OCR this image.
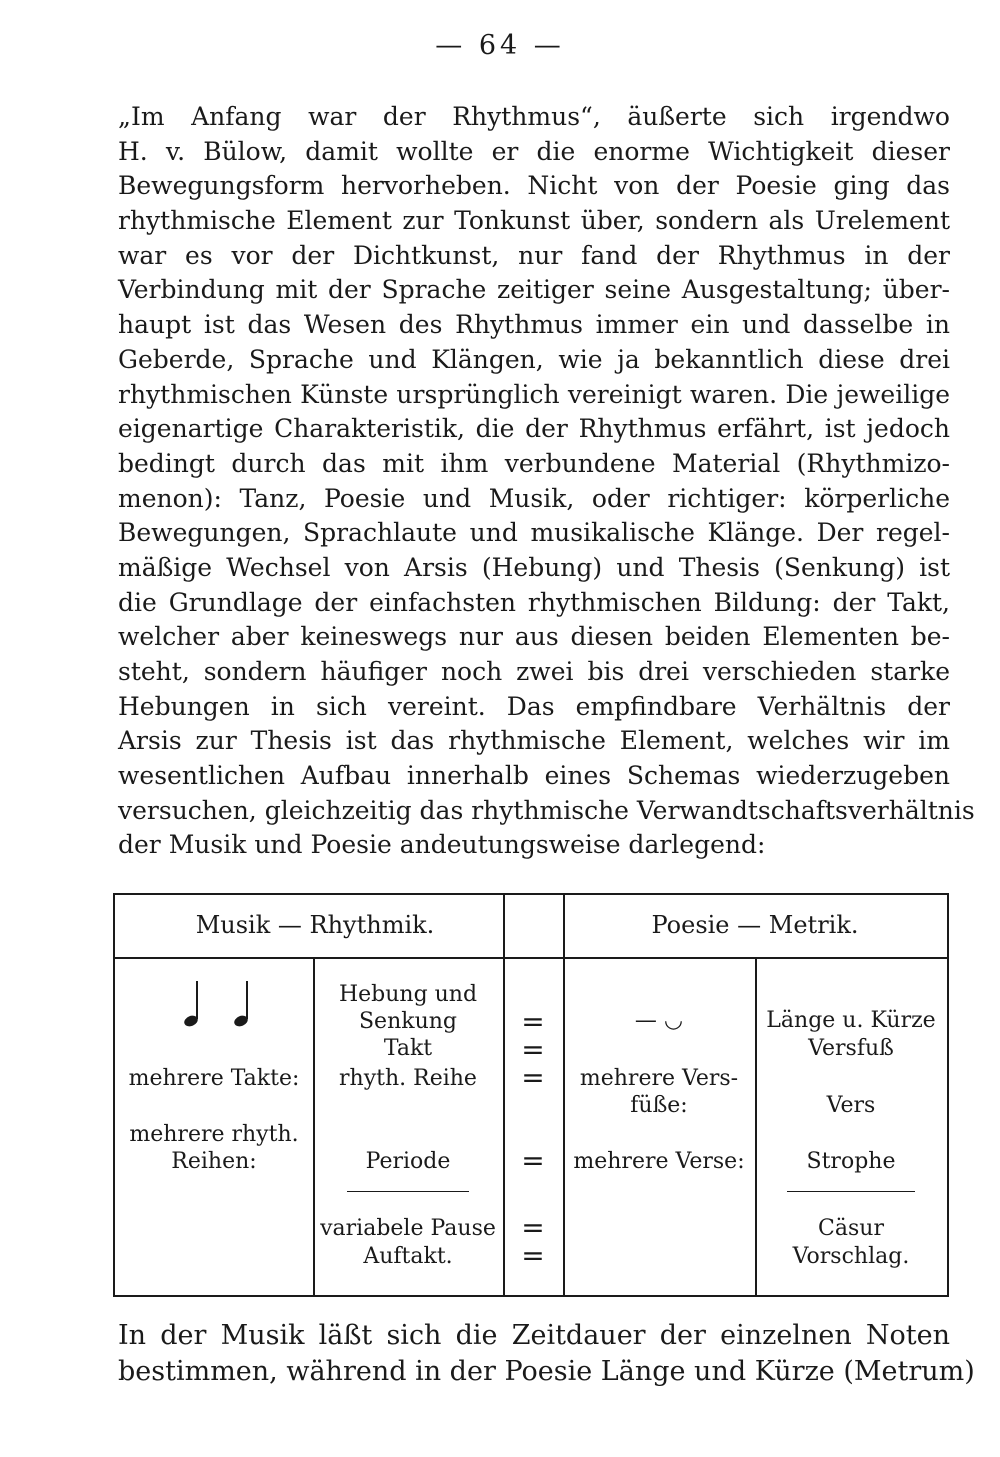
— 64 —
„Im Anfang war der Rhythmus“, äußerte sich irgendwo
H. v. Bülow, damit wollte er die enorme Wichtigkeit dieser
Bewegungsform hervorheben. Nicht von der Poesie ging das
rhythmische Element zur Tonkunst über, sondern als Urelement
war es vor der Dichtkunst, nur fand der Rhythmus in der
Verbindung mit der Sprache zeitiger seine Ausgestaltung; über-
haupt ist das Wesen des Rhythmus immer ein und dasselbe in
Geberde, Sprache und Klängen, wie ja bekanntlich diese drei
rhythmischen Künste ursprünglich vereinigt waren. Die jeweilige
eigenartige Charakteristik, die der Rhythmus erfährt, ist jedoch
bedingt durch das mit ihm verbundene Material (Rhythmizo-
menon): Tanz, Poesie und Musik, oder richtiger: körperliche
Bewegungen, Sprachlaute und musikalische Klänge. Der regel-
mäßige Wechsel von Arsis (Hebung) und Thesis (Senkung) ist
die Grundlage der einfachsten rhythmischen Bildung: der Takt,
welcher aber keineswegs nur aus diesen beiden Elementen be-
steht, sondern häufiger noch zwei bis drei verschieden starke
Hebungen in sich vereint. Das empfindbare Verhältnis der
Arsis zur Thesis ist das rhythmische Element, welches wir im
wesentlichen Aufbau innerhalb eines Schemas wiederzugeben
versuchen, gleichzeitig das rhythmische Verwandtschaftsverhältnis
der Musik und Poesie andeutungsweise darlegend:
Musik — Rhythmik.	Poesie — Metrik.
mehrere Takte:
mehrere rhyth.
Reihen:
Hebung und
Senkung
Takt
rhyth. Reihe
Periode
variabele Pause
Auftakt.
=
=
=
=
=
=
— ◡
mehrere Vers-
füße:
mehrere Verse:
Länge u. Kürze
Versfuß
Vers
Strophe
Cäsur
Vorschlag.
In der Musik läßt sich die Zeitdauer der einzelnen Noten
bestimmen, während in der Poesie Länge und Kürze (Metrum)
